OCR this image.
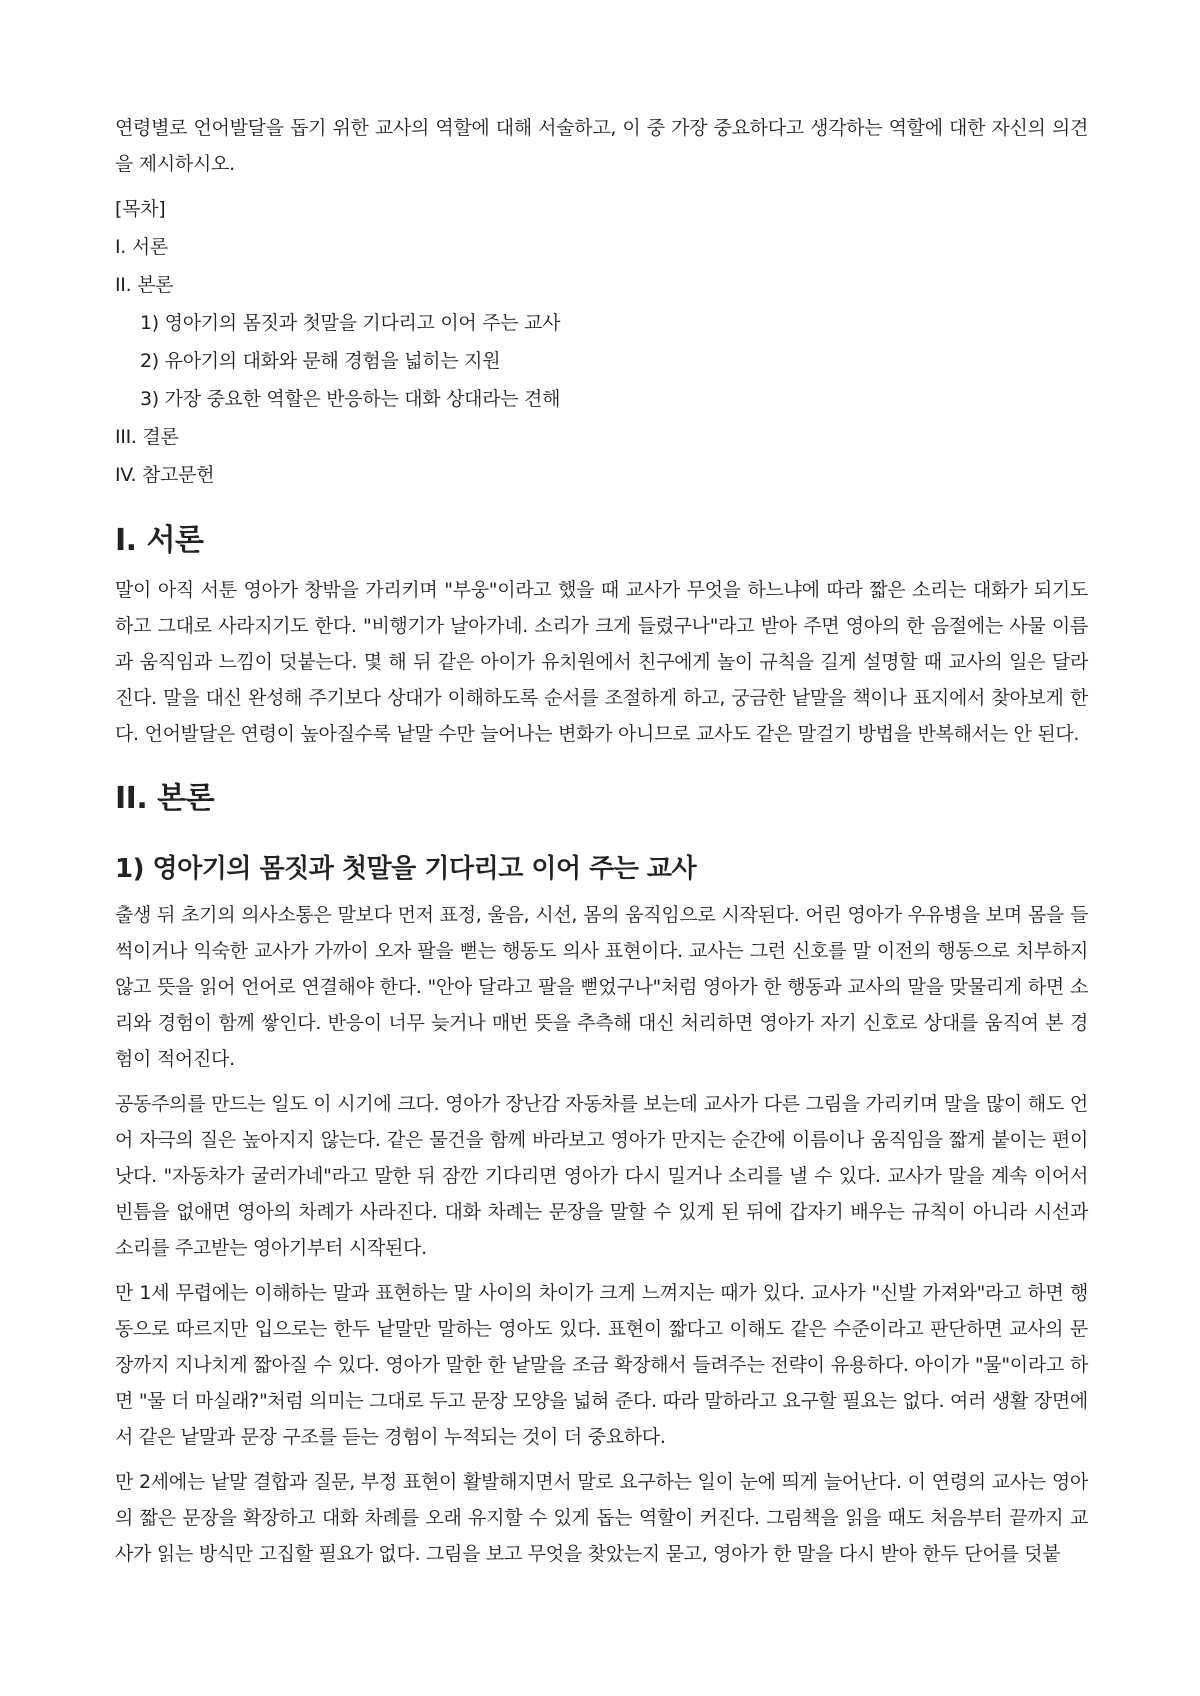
연령별로 언어발달을 돕기 위한 교사의 역할에 대해 서술하고, 이 중 가장 중요하다고 생각하는 역할에 대한 자신의 의견을 제시하시오.

[목차]
I. 서론
II. 본론
1) 영아기의 몸짓과 첫말을 기다리고 이어 주는 교사
2) 유아기의 대화와 문해 경험을 넓히는 지원
3) 가장 중요한 역할은 반응하는 대화 상대라는 견해
III. 결론
IV. 참고문헌
I. 서론

말이 아직 서툰 영아가 창밖을 가리키며 "부웅"이라고 했을 때 교사가 무엇을 하느냐에 따라 짧은 소리는 대화가 되기도 하고 그대로 사라지기도 한다. "비행기가 날아가네. 소리가 크게 들렸구나"라고 받아 주면 영아의 한 음절에는 사물 이름과 움직임과 느낌이 덧붙는다. 몇 해 뒤 같은 아이가 유치원에서 친구에게 놀이 규칙을 길게 설명할 때 교사의 일은 달라진다. 말을 대신 완성해 주기보다 상대가 이해하도록 순서를 조절하게 하고, 궁금한 낱말을 책이나 표지에서 찾아보게 한다. 언어발달은 연령이 높아질수록 낱말 수만 늘어나는 변화가 아니므로 교사도 같은 말걸기 방법을 반복해서는 안 된다.

II. 본론
1) 영아기의 몸짓과 첫말을 기다리고 이어 주는 교사

출생 뒤 초기의 의사소통은 말보다 먼저 표정, 울음, 시선, 몸의 움직임으로 시작된다. 어린 영아가 우유병을 보며 몸을 들썩이거나 익숙한 교사가 가까이 오자 팔을 뻗는 행동도 의사 표현이다. 교사는 그런 신호를 말 이전의 행동으로 치부하지 않고 뜻을 읽어 언어로 연결해야 한다. "안아 달라고 팔을 뻗었구나"처럼 영아가 한 행동과 교사의 말을 맞물리게 하면 소리와 경험이 함께 쌓인다. 반응이 너무 늦거나 매번 뜻을 추측해 대신 처리하면 영아가 자기 신호로 상대를 움직여 본 경험이 적어진다.

공동주의를 만드는 일도 이 시기에 크다. 영아가 장난감 자동차를 보는데 교사가 다른 그림을 가리키며 말을 많이 해도 언어 자극의 질은 높아지지 않는다. 같은 물건을 함께 바라보고 영아가 만지는 순간에 이름이나 움직임을 짧게 붙이는 편이 낫다. "자동차가 굴러가네"라고 말한 뒤 잠깐 기다리면 영아가 다시 밀거나 소리를 낼 수 있다. 교사가 말을 계속 이어서 빈틈을 없애면 영아의 차례가 사라진다. 대화 차례는 문장을 말할 수 있게 된 뒤에 갑자기 배우는 규칙이 아니라 시선과 소리를 주고받는 영아기부터 시작된다.

만 1세 무렵에는 이해하는 말과 표현하는 말 사이의 차이가 크게 느껴지는 때가 있다. 교사가 "신발 가져와"라고 하면 행동으로 따르지만 입으로는 한두 낱말만 말하는 영아도 있다. 표현이 짧다고 이해도 같은 수준이라고 판단하면 교사의 문장까지 지나치게 짧아질 수 있다. 영아가 말한 한 낱말을 조금 확장해서 들려주는 전략이 유용하다. 아이가 "물"이라고 하면 "물 더 마실래?"처럼 의미는 그대로 두고 문장 모양을 넓혀 준다. 따라 말하라고 요구할 필요는 없다. 여러 생활 장면에서 같은 낱말과 문장 구조를 듣는 경험이 누적되는 것이 더 중요하다.

만 2세에는 낱말 결합과 질문, 부정 표현이 활발해지면서 말로 요구하는 일이 눈에 띄게 늘어난다. 이 연령의 교사는 영아의 짧은 문장을 확장하고 대화 차례를 오래 유지할 수 있게 돕는 역할이 커진다. 그림책을 읽을 때도 처음부터 끝까지 교사가 읽는 방식만 고집할 필요가 없다. 그림을 보고 무엇을 찾았는지 묻고, 영아가 한 말을 다시 받아 한두 단어를 덧붙
